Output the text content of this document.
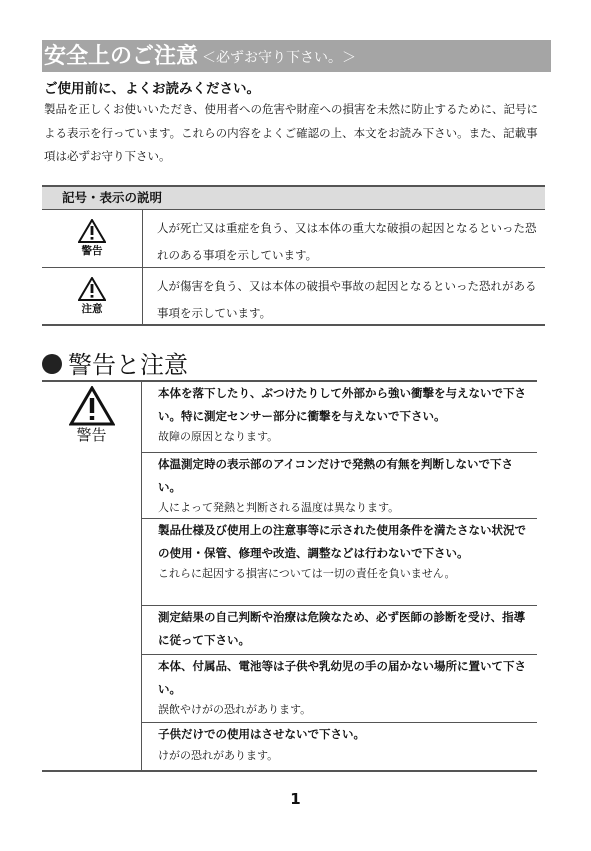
安全上のご注意 ＜必ずお守り下さい。＞
ご使用前に、よくお読みください。
製品を正しくお使いいただき、使用者への危害や財産への損害を未然に防止するために、記号による表示を行っています。これらの内容をよくご確認の上、本文をお読み下さい。また、記載事項は必ずお守り下さい。
記号・表示の説明
警告
人が死亡又は重症を負う、又は本体の重大な破損の起因となるといった恐れのある事項を示しています。
注意
人が傷害を負う、又は本体の破損や事故の起因となるといった恐れがある事項を示しています。
警告と注意
警告
本体を落下したり、ぶつけたりして外部から強い衝撃を与えないで下さい。特に測定センサー部分に衝撃を与えないで下さい。
故障の原因となります。
体温測定時の表示部のアイコンだけで発熱の有無を判断しないで下さい。
人によって発熱と判断される温度は異なります。
製品仕様及び使用上の注意事等に示された使用条件を満たさない状況での使用・保管、修理や改造、調整などは行わないで下さい。
これらに起因する損害については一切の責任を負いません。
測定結果の自己判断や治療は危険なため、必ず医師の診断を受け、指導に従って下さい。
本体、付属品、電池等は子供や乳幼児の手の届かない場所に置いて下さい。
誤飲やけがの恐れがあります。
子供だけでの使用はさせないで下さい。
けがの恐れがあります。
1
